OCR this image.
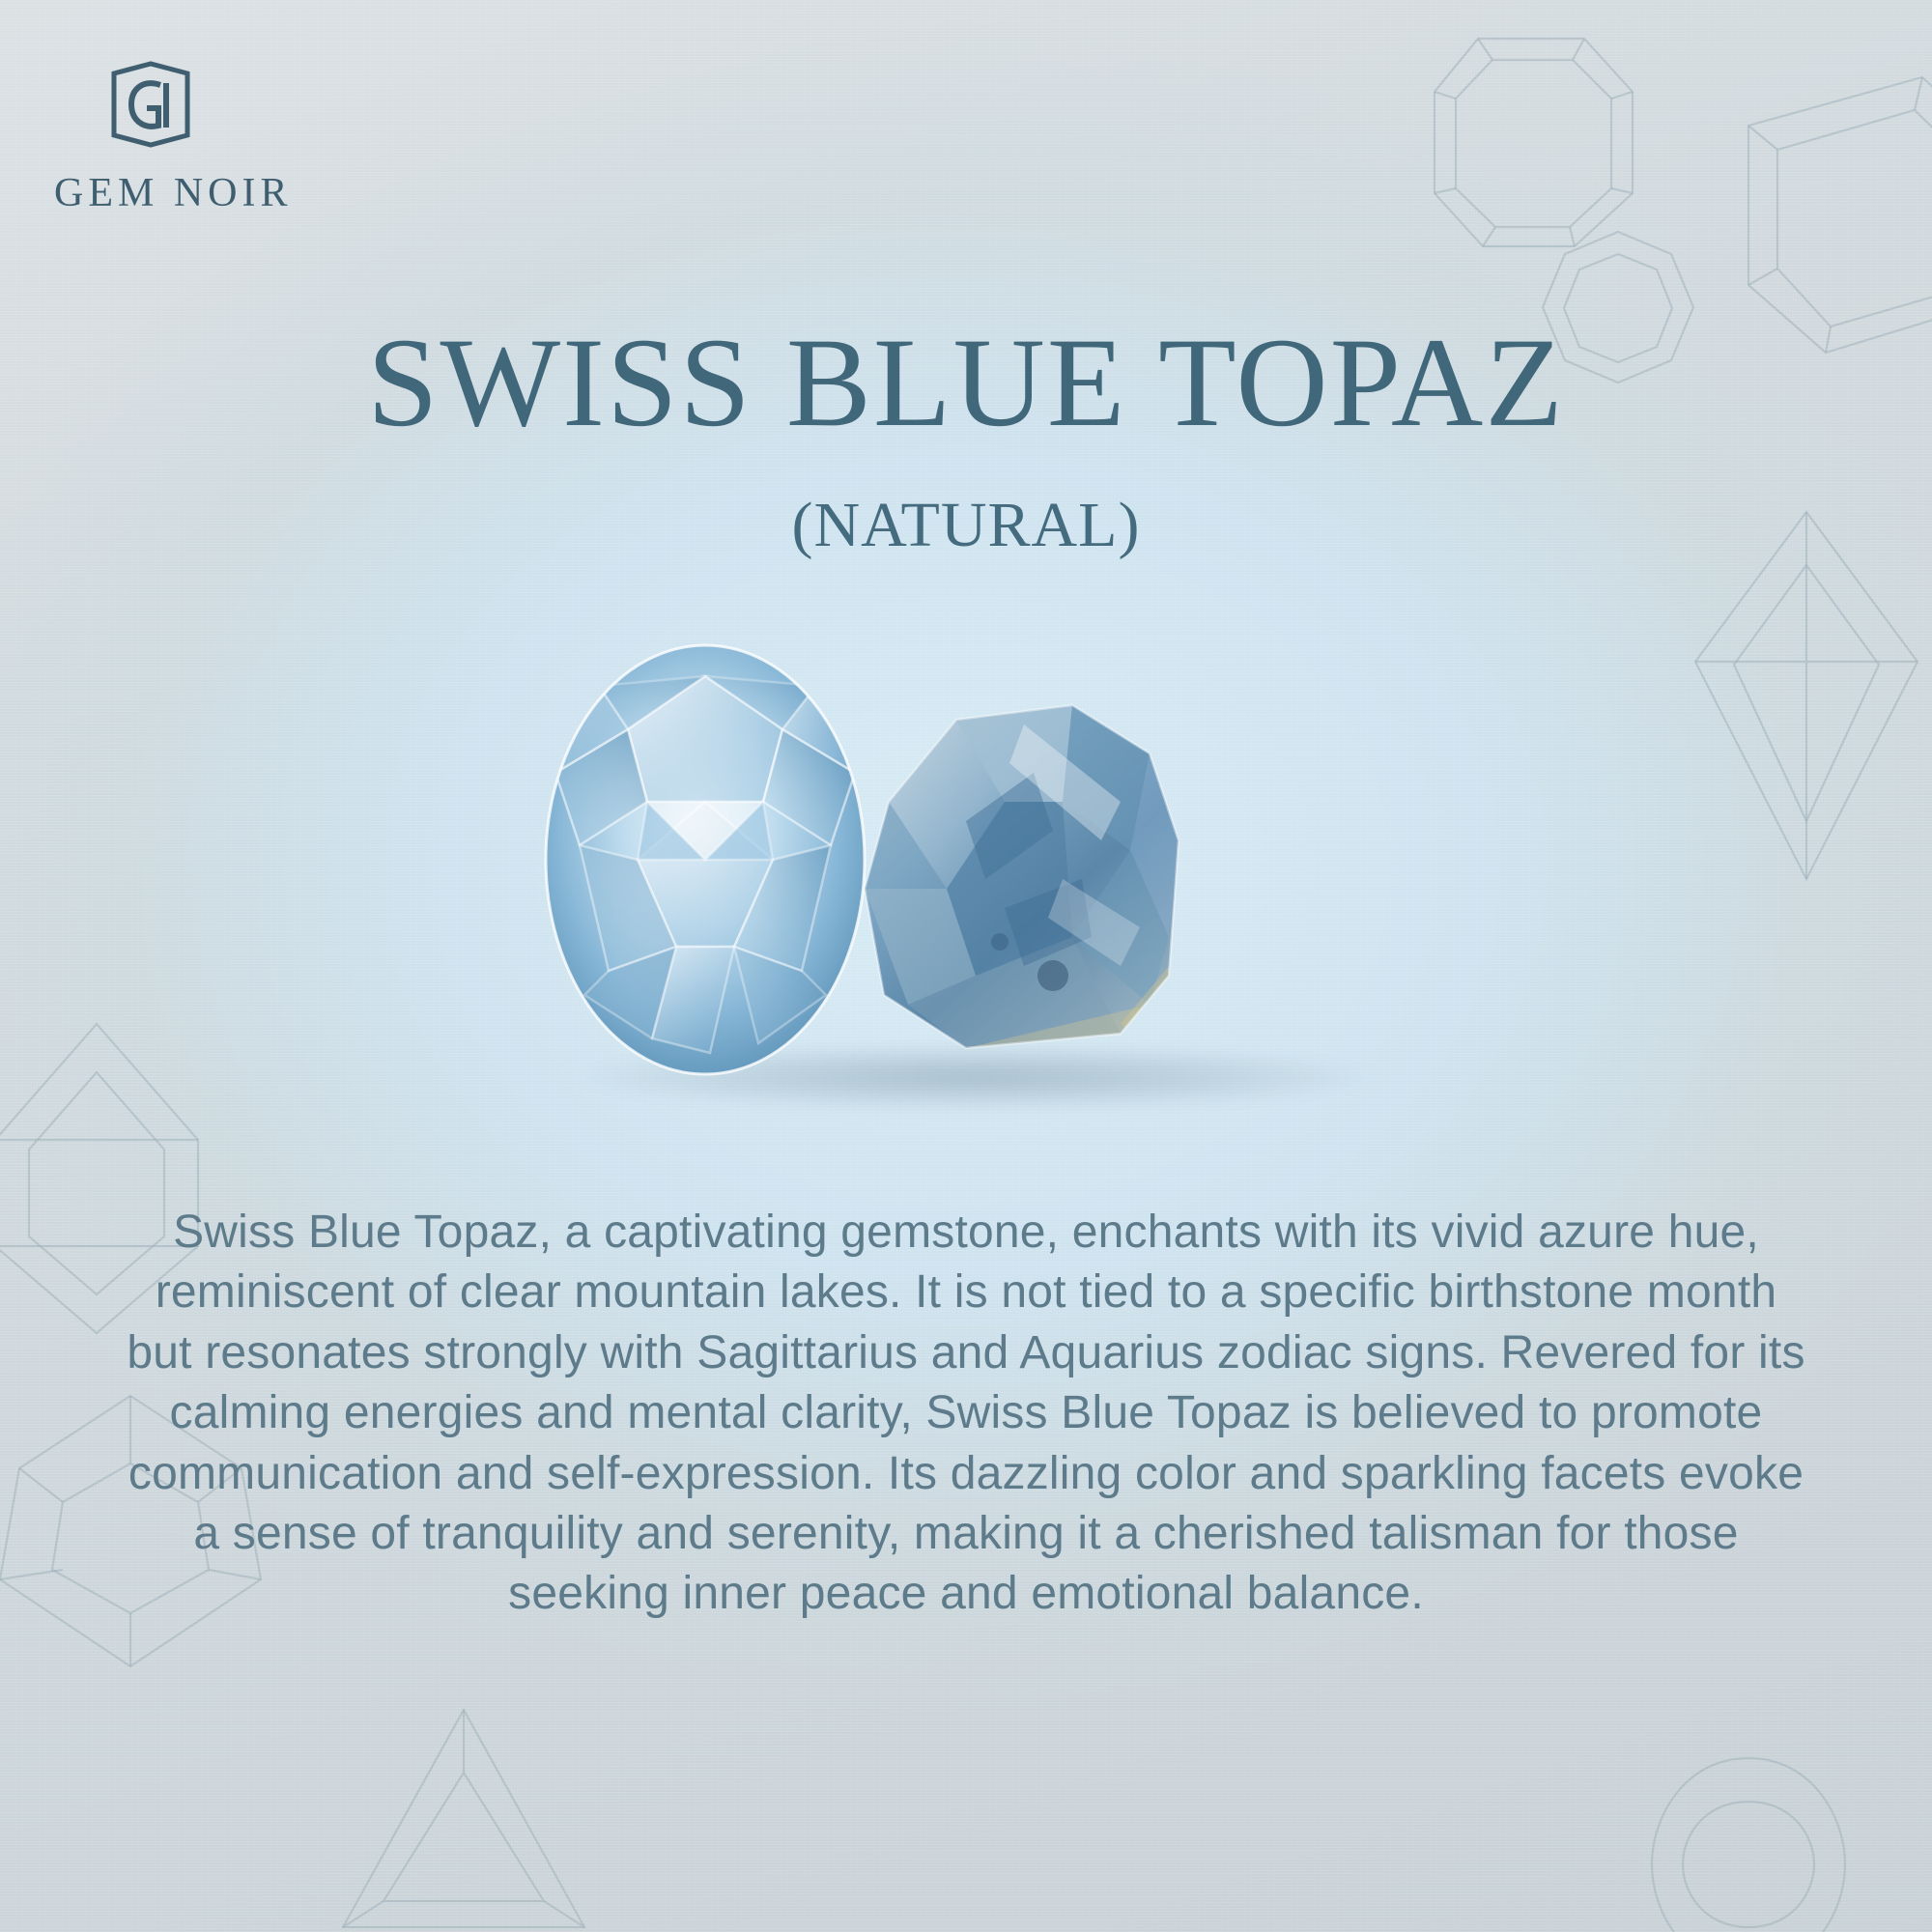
GEM NOIR
SWISS BLUE TOPAZ
(NATURAL)
Swiss Blue Topaz, a captivating gemstone, enchants with its vivid azure hue, reminiscent of clear mountain lakes. It is not tied to a specific birthstone month but resonates strongly with Sagittarius and Aquarius zodiac signs. Revered for its calming energies and mental clarity, Swiss Blue Topaz is believed to promote communication and self-expression. Its dazzling color and sparkling facets evoke a sense of tranquility and serenity, making it a cherished talisman for those seeking inner peace and emotional balance.
